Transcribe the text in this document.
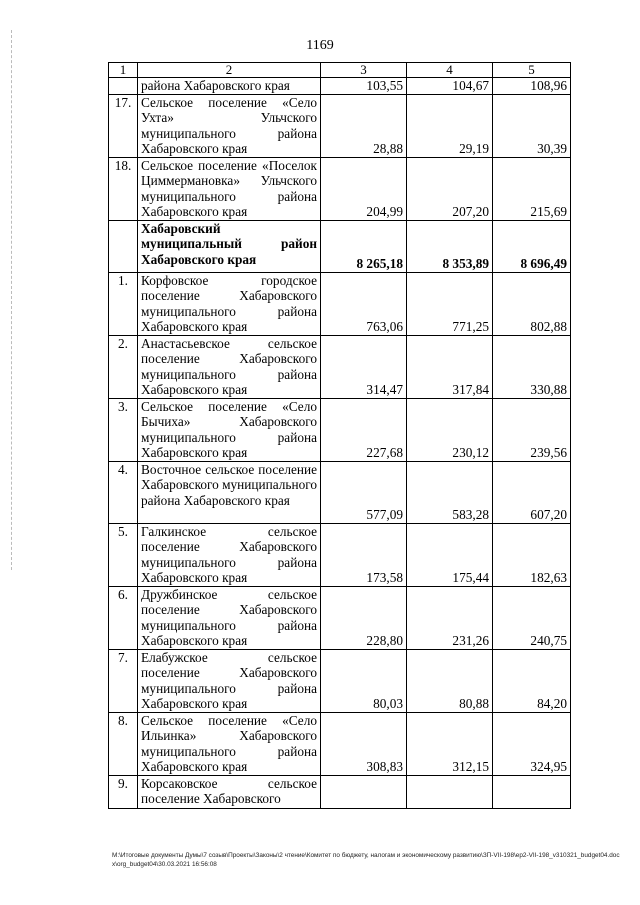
1169
1	2	3	4	5
	района Хабаровского края	103,55	104,67	108,96
17.	Сельское поселение «Село Ухта» Ульчского муниципального района Хабаровского края	28,88	29,19	30,39
18.	Сельское поселение «Поселок Циммермановка» Ульчского муниципального района Хабаровского края	204,99	207,20	215,69
	Хабаровский муниципальный район Хабаровского края	8 265,18	8 353,89	8 696,49
1.	Корфовское городское поселение Хабаровского муниципального района Хабаровского края	763,06	771,25	802,88
2.	Анастасьевское сельское поселение Хабаровского муниципального района Хабаровского края	314,47	317,84	330,88
3.	Сельское поселение «Село Бычиха» Хабаровского муниципального района Хабаровского края	227,68	230,12	239,56
4.	Восточное сельское поселение Хабаровского муниципального района Хабаровского края	577,09	583,28	607,20
5.	Галкинское сельское поселение Хабаровского муниципального района Хабаровского края	173,58	175,44	182,63
6.	Дружбинское сельское поселение Хабаровского муниципального района Хабаровского края	228,80	231,26	240,75
7.	Елабужское сельское поселение Хабаровского муниципального района Хабаровского края	80,03	80,88	84,20
8.	Сельское поселение «Село Ильинка» Хабаровского муниципального района Хабаровского края	308,83	312,15	324,95
9.	Корсаковское сельское поселение Хабаровского			
М:\Итоговые документы Думы\7 созыв\Проекты\Законы\2 чтение\Комитет по бюджету, налогам и экономическому развитию\ЗП-VII-198\ер2-VII-198_v310321_budget04.docx\org_budget04\30.03.2021 16:56:08
